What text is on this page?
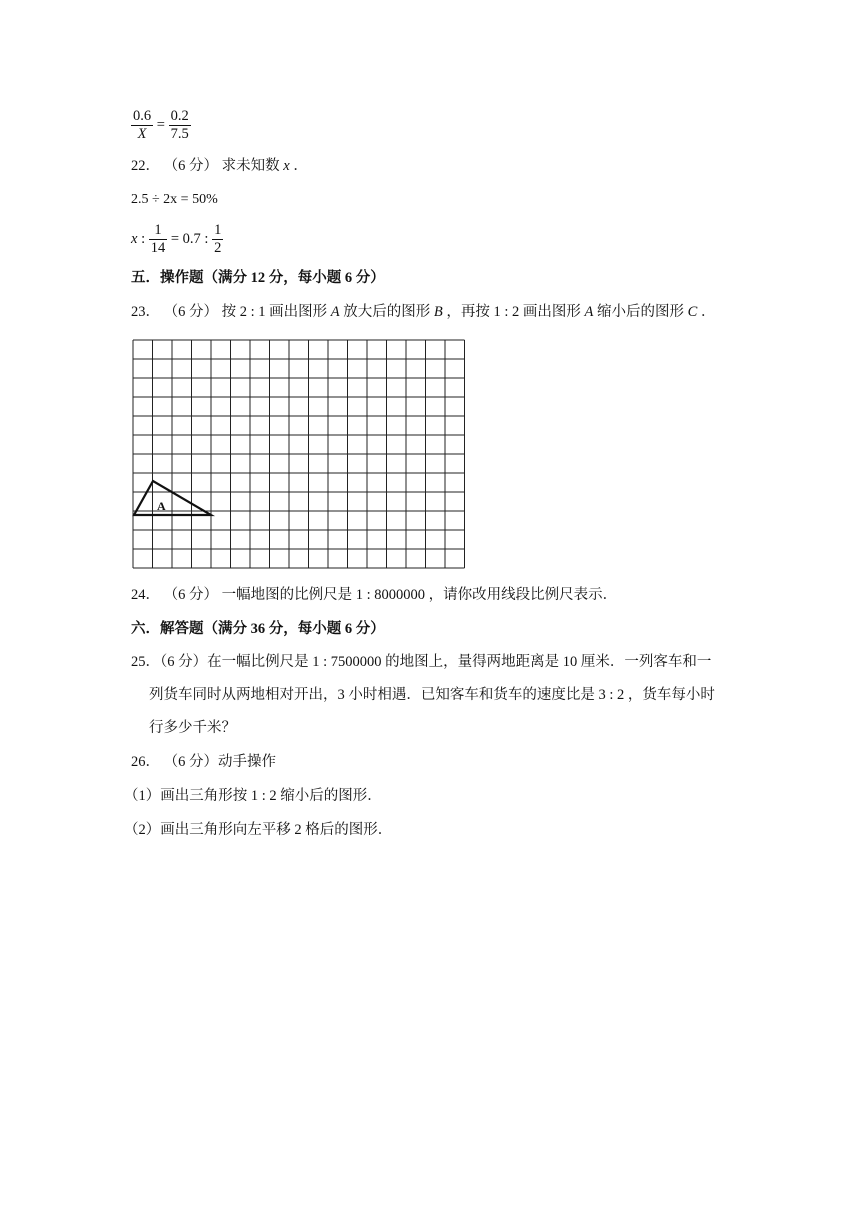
$\frac{0.6}{X} = \frac{0.2}{7.5}$
22． （6 分） 求未知数 x ．
2.5 ÷ 2x = 50%
x : $\frac{1}{14} = 0.7$ : $\frac{1}{2}$
五．操作题（满分 12 分，每小题 6 分）
23． （6 分） 按 2 : 1 画出图形 A 放大后的图形 B ，再按 1 : 2 画出图形 A 缩小后的图形 C ．
A
24． （6 分） 一幅地图的比例尺是 1 : 8000000 ，请你改用线段比例尺表示．
六．解答题（满分 36 分，每小题 6 分）
25．（6 分）在一幅比例尺是 1 : 7500000 的地图上，量得两地距离是 10 厘米．一列客车和一
列货车同时从两地相对开出，3 小时相遇．已知客车和货车的速度比是 3 : 2 ，货车每小时
行多少千米？
26． （6 分）动手操作
（1）画出三角形按 1 : 2 缩小后的图形．
（2）画出三角形向左平移 2 格后的图形．
